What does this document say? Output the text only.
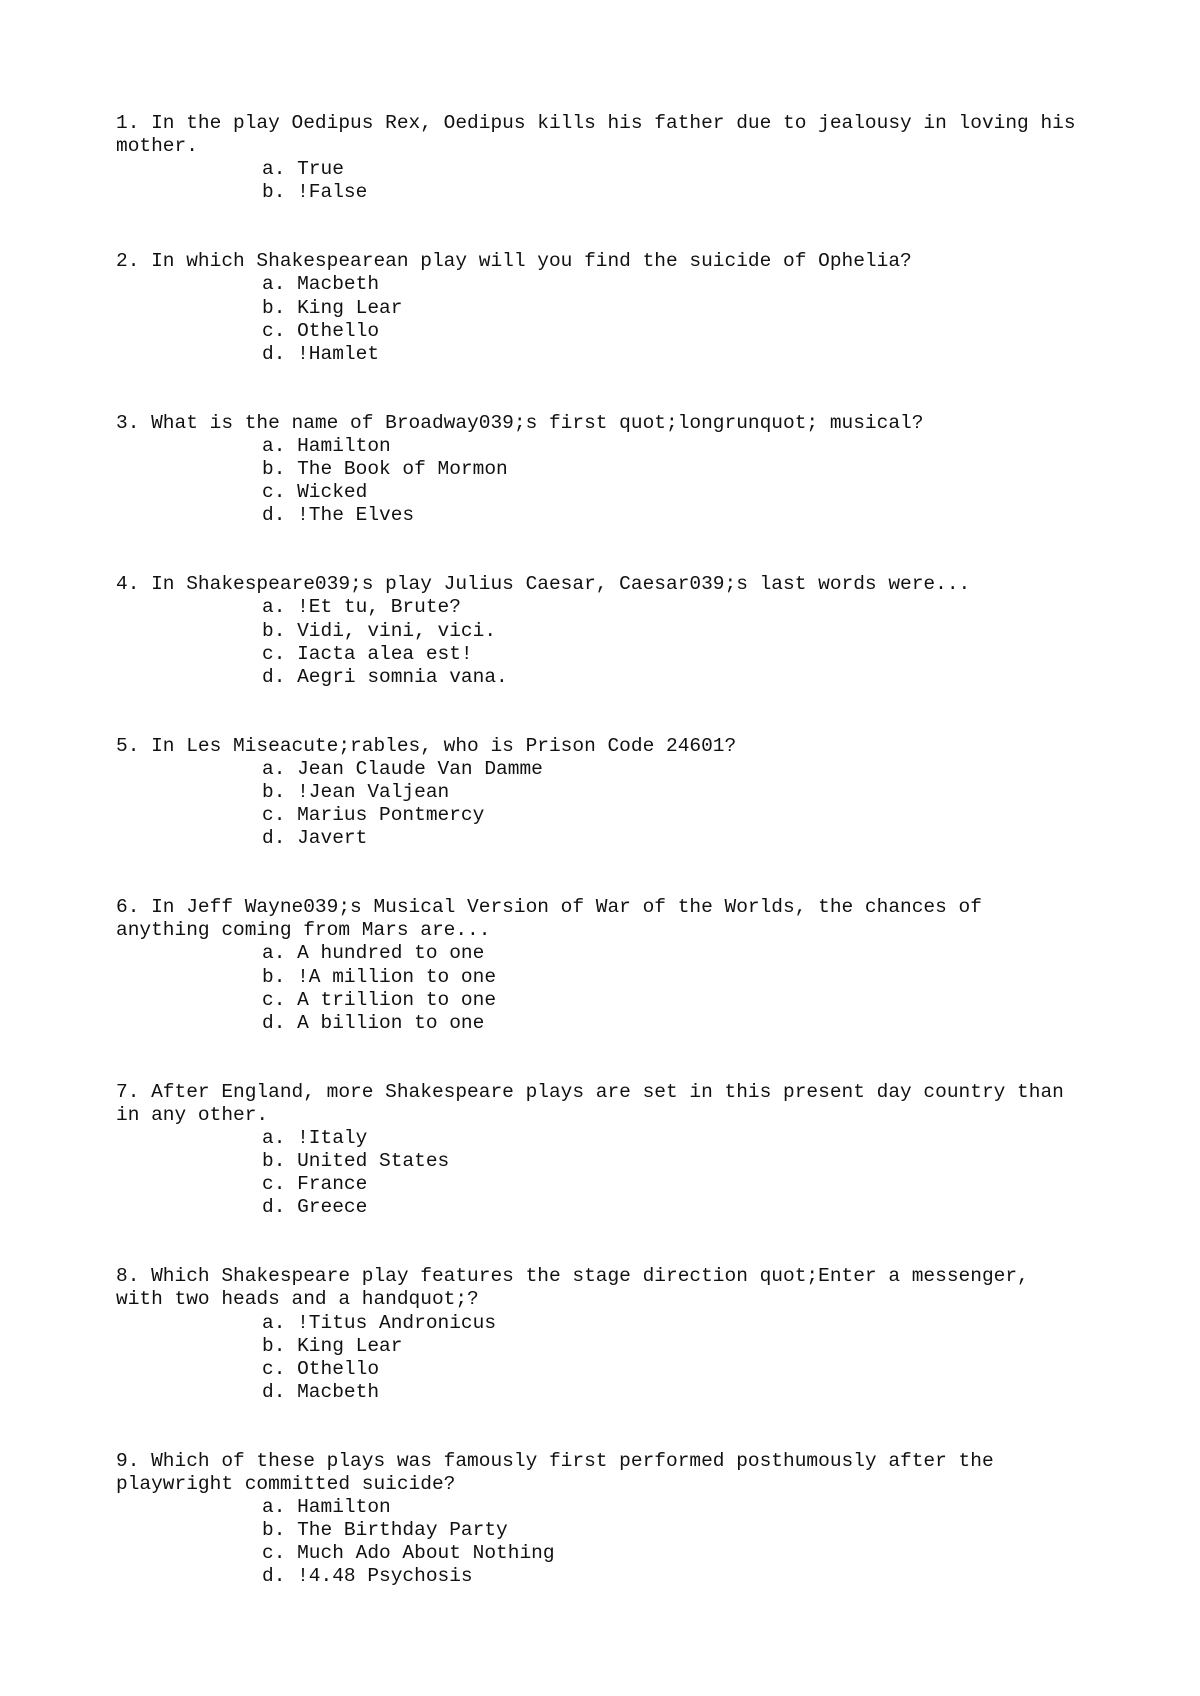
1. In the play Oedipus Rex, Oedipus kills his father due to jealousy in loving his mother.
a. True
b. !False
2. In which Shakespearean play will you find the suicide of Ophelia?
a. Macbeth
b. King Lear
c. Othello
d. !Hamlet
3. What is the name of Broadway039;s first quot;longrunquot; musical?
a. Hamilton
b. The Book of Mormon
c. Wicked
d. !The Elves
4. In Shakespeare039;s play Julius Caesar, Caesar039;s last words were...
a. !Et tu, Brute?
b. Vidi, vini, vici.
c. Iacta alea est!
d. Aegri somnia vana.
5. In Les Miseacute;rables, who is Prison Code 24601?
a. Jean Claude Van Damme
b. !Jean Valjean
c. Marius Pontmercy
d. Javert
6. In Jeff Wayne039;s Musical Version of War of the Worlds, the chances of anything coming from Mars are...
a. A hundred to one
b. !A million to one
c. A trillion to one
d. A billion to one
7. After England, more Shakespeare plays are set in this present day country than in any other.
a. !Italy
b. United States
c. France
d. Greece
8. Which Shakespeare play features the stage direction quot;Enter a messenger, with two heads and a handquot;?
a. !Titus Andronicus
b. King Lear
c. Othello
d. Macbeth
9. Which of these plays was famously first performed posthumously after the playwright committed suicide?
a. Hamilton
b. The Birthday Party
c. Much Ado About Nothing
d. !4.48 Psychosis
